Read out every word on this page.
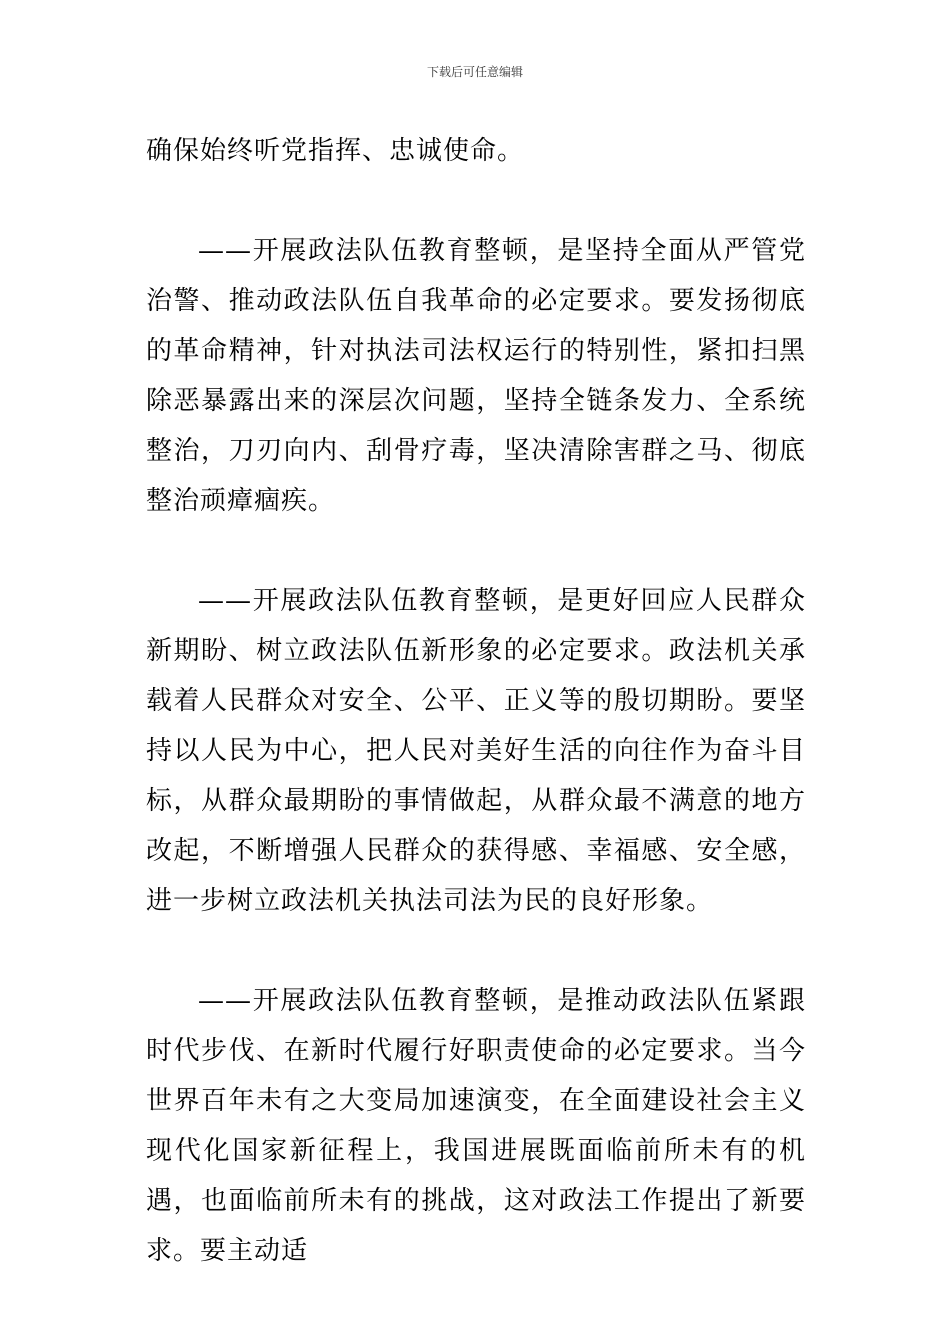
下载后可任意编辑

确保始终听党指挥、忠诚使命。

——开展政法队伍教育整顿，是坚持全面从严管党治警、推动政法队伍自我革命的必定要求。要发扬彻底的革命精神，针对执法司法权运行的特别性，紧扣扫黑除恶暴露出来的深层次问题，坚持全链条发力、全系统整治，刀刃向内、刮骨疗毒，坚决清除害群之马、彻底整治顽瘴痼疾。

——开展政法队伍教育整顿，是更好回应人民群众新期盼、树立政法队伍新形象的必定要求。政法机关承载着人民群众对安全、公平、正义等的殷切期盼。要坚持以人民为中心，把人民对美好生活的向往作为奋斗目标，从群众最期盼的事情做起，从群众最不满意的地方改起，不断增强人民群众的获得感、幸福感、安全感，进一步树立政法机关执法司法为民的良好形象。

——开展政法队伍教育整顿，是推动政法队伍紧跟时代步伐、在新时代履行好职责使命的必定要求。当今世界百年未有之大变局加速演变，在全面建设社会主义现代化国家新征程上，我国进展既面临前所未有的机遇，也面临前所未有的挑战，这对政法工作提出了新要求。要主动适
